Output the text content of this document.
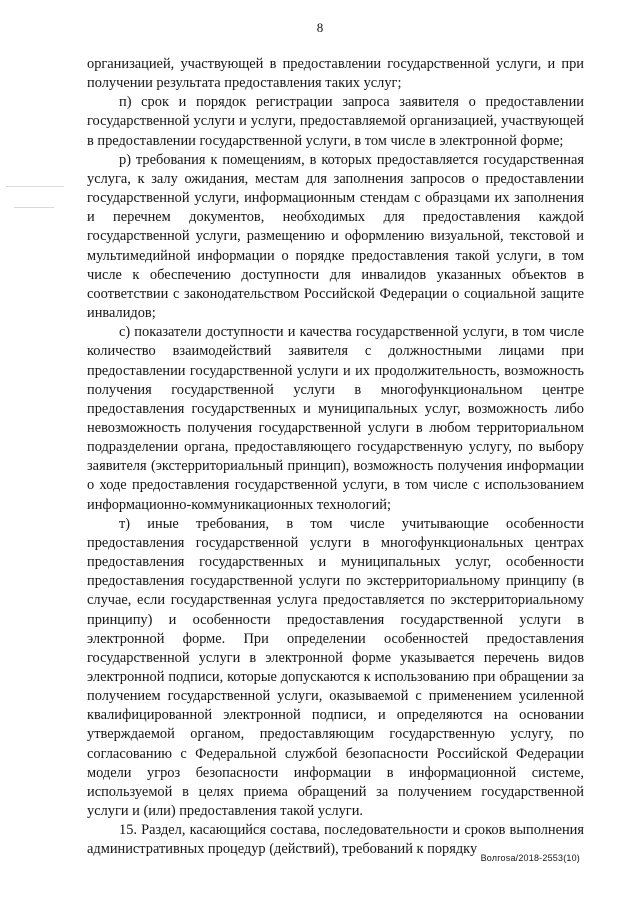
8

организацией, участвующей в предоставлении государственной услуги, и при получении результата предоставления таких услуг;

п) срок и порядок регистрации запроса заявителя о предоставлении государственной услуги и услуги, предоставляемой организацией, участвующей в предоставлении государственной услуги, в том числе в электронной форме;

р) требования к помещениям, в которых предоставляется государственная услуга, к залу ожидания, местам для заполнения запросов о предоставлении государственной услуги, информационным стендам с образцами их заполнения и перечнем документов, необходимых для предоставления каждой государственной услуги, размещению и оформлению визуальной, текстовой и мультимедийной информации о порядке предоставления такой услуги, в том числе к обеспечению доступности для инвалидов указанных объектов в соответствии с законодательством Российской Федерации о социальной защите инвалидов;

с) показатели доступности и качества государственной услуги, в том числе количество взаимодействий заявителя с должностными лицами при предоставлении государственной услуги и их продолжительность, возможность получения государственной услуги в многофункциональном центре предоставления государственных и муниципальных услуг, возможность либо невозможность получения государственной услуги в любом территориальном подразделении органа, предоставляющего государственную услугу, по выбору заявителя (экстерриториальный принцип), возможность получения информации о ходе предоставления государственной услуги, в том числе с использованием информационно-коммуникационных технологий;

т) иные требования, в том числе учитывающие особенности предоставления государственной услуги в многофункциональных центрах предоставления государственных и муниципальных услуг, особенности предоставления государственной услуги по экстерриториальному принципу (в случае, если государственная услуга предоставляется по экстерриториальному принципу) и особенности предоставления государственной услуги в электронной форме. При определении особенностей предоставления государственной услуги в электронной форме указывается перечень видов электронной подписи, которые допускаются к использованию при обращении за получением государственной услуги, оказываемой с применением усиленной квалифицированной электронной подписи, и определяются на основании утверждаемой органом, предоставляющим государственную услугу, по согласованию с Федеральной службой безопасности Российской Федерации модели угроз безопасности информации в информационной системе, используемой в целях приема обращений за получением государственной услуги и (или) предоставления такой услуги.

15. Раздел, касающийся состава, последовательности и сроков выполнения административных процедур (действий), требований к порядку

Волгоsa/2018-2553(10)
